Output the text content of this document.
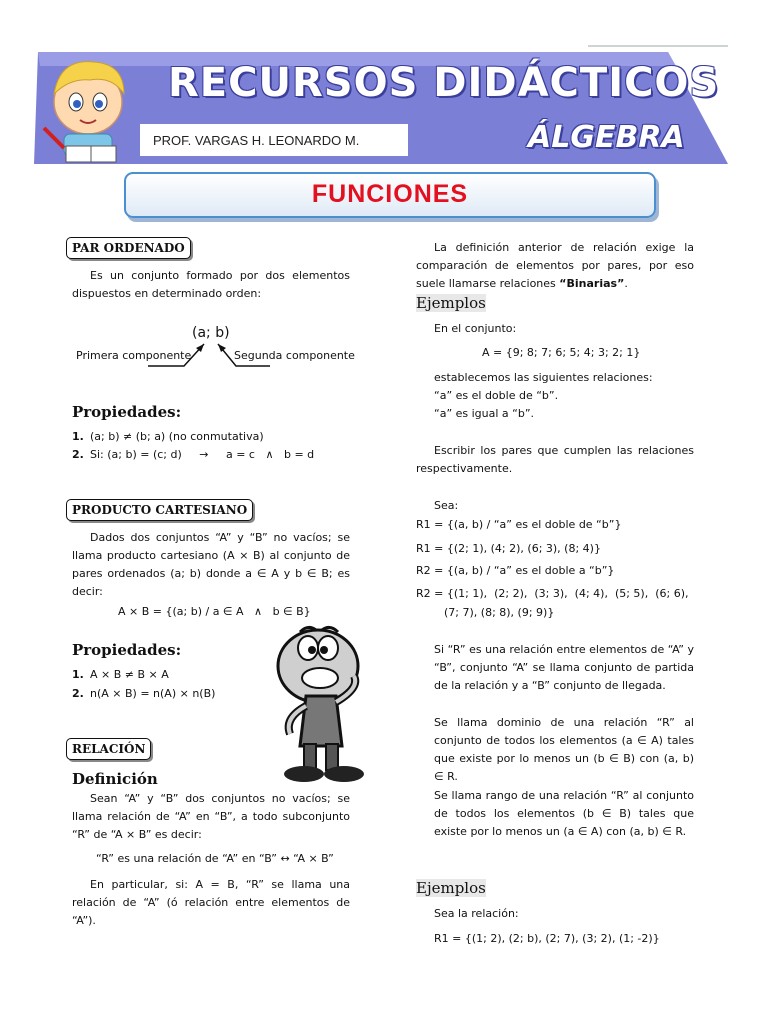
RECURSOS DIDÁCTICOS
PROF. VARGAS H. LEONARDO M.	ÁLGEBRA
FUNCIONES
PAR ORDENADO
Es un conjunto formado por dos elementos dispuestos en determinado orden:
(a; b)
Primera componente	Segunda componente
Propiedades:
1. (a; b) ≠ (b; a) (no conmutativa)
2. Si: (a; b) = (c; d)     →     a = c   ∧   b = d
PRODUCTO CARTESIANO
Dados dos conjuntos “A” y “B” no vacíos; se llama producto cartesiano (A × B) al conjunto de pares ordenados (a; b) donde a ∈ A y b ∈ B; es decir:
A × B = {(a; b) / a ∈ A   ∧   b ∈ B}
Propiedades:
1. A × B ≠ B × A
2. n(A × B) = n(A) × n(B)
RELACIÓN
Definición
Sean “A” y “B” dos conjuntos no vacíos; se llama relación de “A” en “B”, a todo subconjunto “R” de “A × B” es decir:
“R” es una relación de “A” en “B” ↔ “A × B”
En particular, si: A = B, “R” se llama una relación de “A” (ó relación entre elementos de “A”).
La definición anterior de relación exige la comparación de elementos por pares, por eso suele llamarse relaciones “Binarias”.
Ejemplos
En el conjunto:
A = {9; 8; 7; 6; 5; 4; 3; 2; 1}
establecemos las siguientes relaciones:
“a” es el doble de “b”.
“a” es igual a “b”.
Escribir los pares que cumplen las relaciones respectivamente.
Sea:
R1 = {(a, b) / “a” es el doble de “b”}
R1 = {(2; 1), (4; 2), (6; 3), (8; 4)}
R2 = {(a, b) / “a” es el doble a “b”}
R2 = {(1; 1),  (2; 2),  (3; 3),  (4; 4),  (5; 5),  (6; 6),
(7; 7), (8; 8), (9; 9)}
Si “R” es una relación entre elementos de “A” y “B”, conjunto “A” se llama conjunto de partida de la relación y a “B” conjunto de llegada.
Se llama dominio de una relación “R” al conjunto de todos los elementos (a ∈ A) tales que existe por lo menos un (b ∈ B) con (a, b) ∈ R.
Se llama rango de una relación “R” al conjunto de todos los elementos (b ∈ B) tales que existe por lo menos un (a ∈ A) con (a, b) ∈ R.
Ejemplos
Sea la relación:
R1 = {(1; 2), (2; b), (2; 7), (3; 2), (1; -2)}
